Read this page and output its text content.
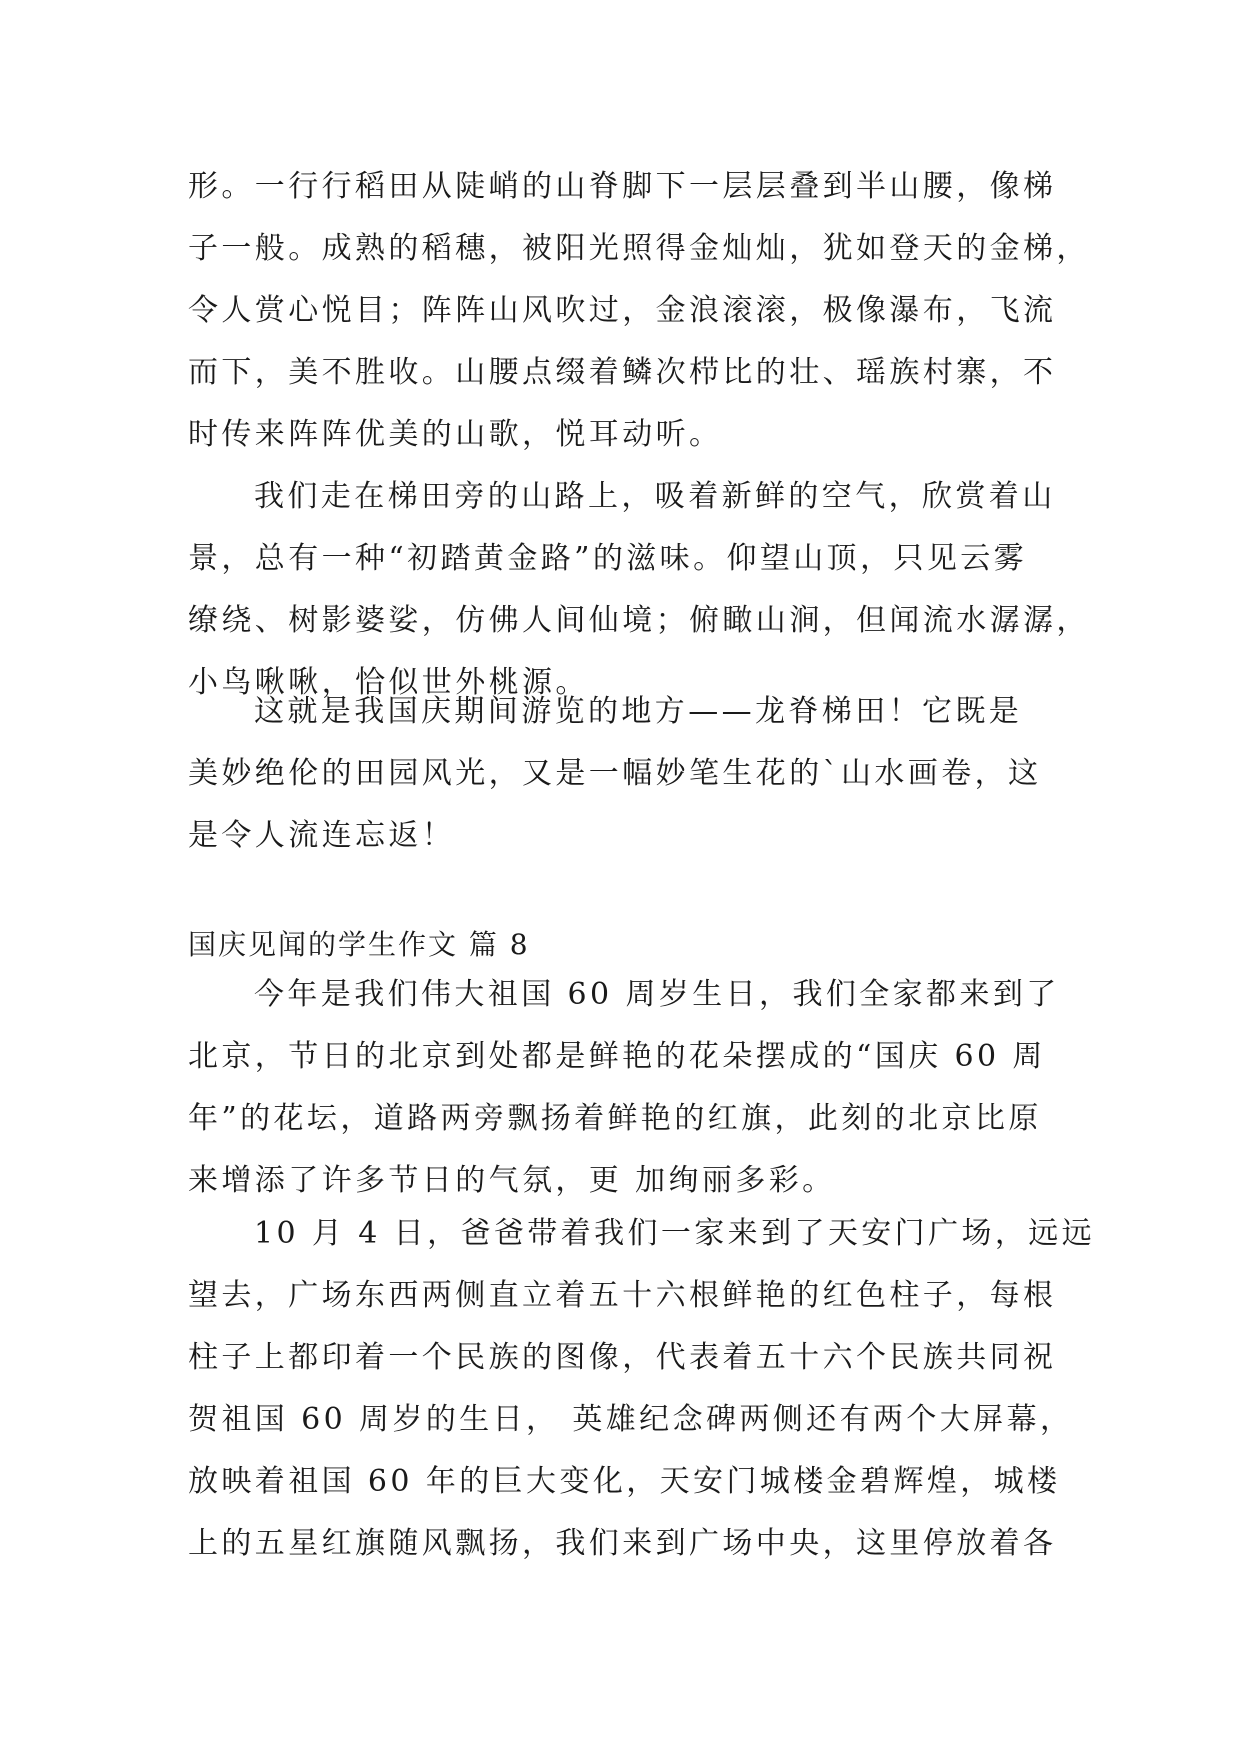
形。一行行稻田从陡峭的山脊脚下一层层叠到半山腰，像梯
子一般。成熟的稻穗，被阳光照得金灿灿，犹如登天的金梯，
令人赏心悦目；阵阵山风吹过，金浪滚滚，极像瀑布，飞流
而下，美不胜收。山腰点缀着鳞次栉比的壮、瑶族村寨，不
时传来阵阵优美的山歌，悦耳动听。
我们走在梯田旁的山路上，吸着新鲜的空气，欣赏着山
景，总有一种“初踏黄金路”的滋味。仰望山顶，只见云雾
缭绕、树影婆娑，仿佛人间仙境；俯瞰山涧，但闻流水潺潺，
小鸟啾啾，恰似世外桃源。
这就是我国庆期间游览的地方——龙脊梯田！它既是
美妙绝伦的田园风光，又是一幅妙笔生花的`山水画卷，这
是令人流连忘返！
国庆见闻的学生作文 篇 8
今年是我们伟大祖国 60 周岁生日，我们全家都来到了
北京，节日的北京到处都是鲜艳的花朵摆成的“国庆 60 周
年”的花坛，道路两旁飘扬着鲜艳的红旗，此刻的北京比原
来增添了许多节日的气氛，更 加绚丽多彩。
10 月 4 日，爸爸带着我们一家来到了天安门广场，远远
望去，广场东西两侧直立着五十六根鲜艳的红色柱子，每根
柱子上都印着一个民族的图像，代表着五十六个民族共同祝
贺祖国 60 周岁的生日， 英雄纪念碑两侧还有两个大屏幕，
放映着祖国 60 年的巨大变化，天安门城楼金碧辉煌，城楼
上的五星红旗随风飘扬，我们来到广场中央，这里停放着各
